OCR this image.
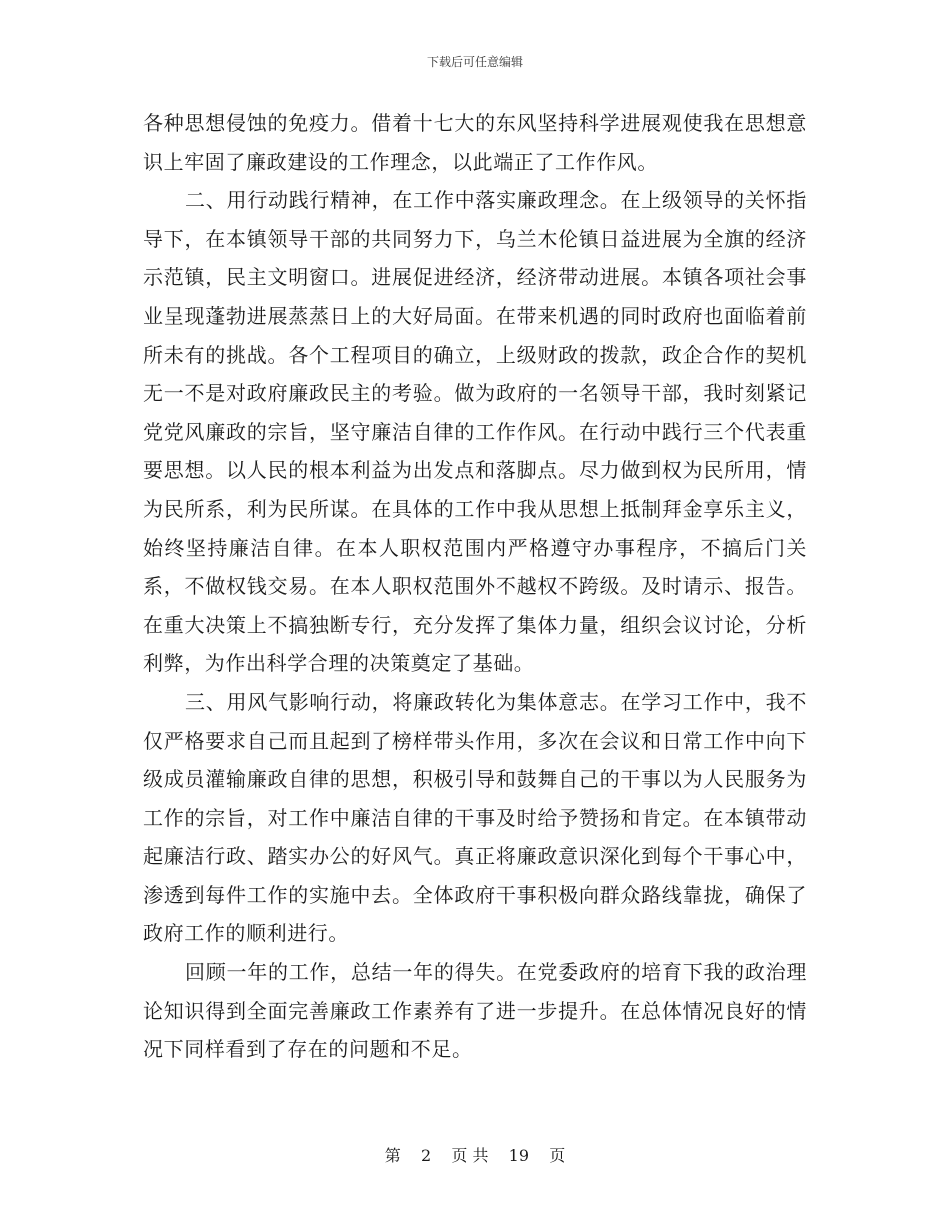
下载后可任意编辑

各种思想侵蚀的免疫力。借着十七大的东风坚持科学进展观使我在思想意识上牢固了廉政建设的工作理念，以此端正了工作作风。

二、用行动践行精神，在工作中落实廉政理念。在上级领导的关怀指导下，在本镇领导干部的共同努力下，乌兰木伦镇日益进展为全旗的经济示范镇，民主文明窗口。进展促进经济，经济带动进展。本镇各项社会事业呈现蓬勃进展蒸蒸日上的大好局面。在带来机遇的同时政府也面临着前所未有的挑战。各个工程项目的确立，上级财政的拨款，政企合作的契机无一不是对政府廉政民主的考验。做为政府的一名领导干部，我时刻紧记党党风廉政的宗旨，坚守廉洁自律的工作作风。在行动中践行三个代表重要思想。以人民的根本利益为出发点和落脚点。尽力做到权为民所用，情为民所系，利为民所谋。在具体的工作中我从思想上抵制拜金享乐主义，始终坚持廉洁自律。在本人职权范围内严格遵守办事程序，不搞后门关系，不做权钱交易。在本人职权范围外不越权不跨级。及时请示、报告。在重大决策上不搞独断专行，充分发挥了集体力量，组织会议讨论，分析利弊，为作出科学合理的决策奠定了基础。

三、用风气影响行动，将廉政转化为集体意志。在学习工作中，我不仅严格要求自己而且起到了榜样带头作用，多次在会议和日常工作中向下级成员灌输廉政自律的思想，积极引导和鼓舞自己的干事以为人民服务为工作的宗旨，对工作中廉洁自律的干事及时给予赞扬和肯定。在本镇带动起廉洁行政、踏实办公的好风气。真正将廉政意识深化到每个干事心中，渗透到每件工作的实施中去。全体政府干事积极向群众路线靠拢，确保了政府工作的顺利进行。

回顾一年的工作，总结一年的得失。在党委政府的培育下我的政治理论知识得到全面完善廉政工作素养有了进一步提升。在总体情况良好的情况下同样看到了存在的问题和不足。

第 2 页 共 19 页
